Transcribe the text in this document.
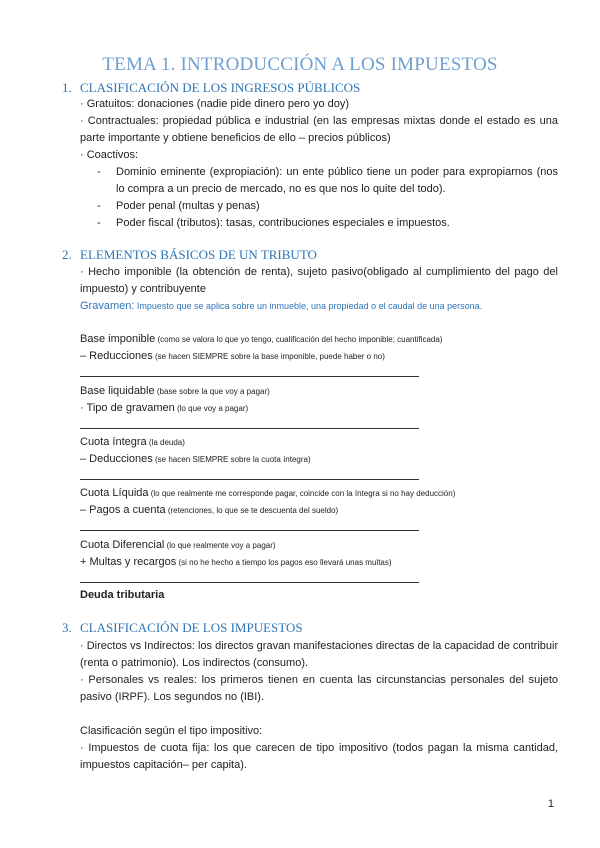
TEMA 1. INTRODUCCIÓN A LOS IMPUESTOS
1. CLASIFICACIÓN DE LOS INGRESOS PÚBLICOS
· Gratuitos: donaciones (nadie pide dinero pero yo doy)
· Contractuales: propiedad pública e industrial (en las empresas mixtas donde el estado es una
parte importante y obtiene beneficios de ello – precios públicos)
· Coactivos:
- Dominio eminente (expropiación): un ente público tiene un poder para expropiarnos (nos
lo compra a un precio de mercado, no es que nos lo quite del todo).
- Poder penal (multas y penas)
- Poder fiscal (tributos): tasas, contribuciones especiales e impuestos.
2. ELEMENTOS BÁSICOS DE UN TRIBUTO
· Hecho imponible (la obtención de renta), sujeto pasivo(obligado al cumplimiento del pago del
impuesto) y contribuyente
Gravamen: Impuesto que se aplica sobre un inmueble, una propiedad o el caudal de una persona.
Base imponible (como se valora lo que yo tengo, cualificación del hecho imponible; cuantificada)
– Reducciones (se hacen SIEMPRE sobre la base imponible, puede haber o no)
Base liquidable (base sobre la que voy a pagar)
· Tipo de gravamen (lo que voy a pagar)
Cuota íntegra (la deuda)
– Deducciones (se hacen SIEMPRE sobre la cuota íntegra)
Cuota Líquida (lo que realmente me corresponde pagar, coincide con la íntegra si no hay deducción)
– Pagos a cuenta (retenciones, lo que se te descuenta del sueldo)
Cuota Diferencial (lo que realmente voy a pagar)
+ Multas y recargos (si no he hecho a tiempo los pagos eso llevará unas multas)
Deuda tributaria
3. CLASIFICACIÓN DE LOS IMPUESTOS
· Directos vs Indirectos: los directos gravan manifestaciones directas de la capacidad de contribuir
(renta o patrimonio). Los indirectos (consumo).
· Personales vs reales: los primeros tienen en cuenta las circunstancias personales del sujeto
pasivo (IRPF). Los segundos no (IBI).
Clasificación según el tipo impositivo:
· Impuestos de cuota fija: los que carecen de tipo impositivo (todos pagan la misma cantidad,
impuestos capitación– per capita).
1
